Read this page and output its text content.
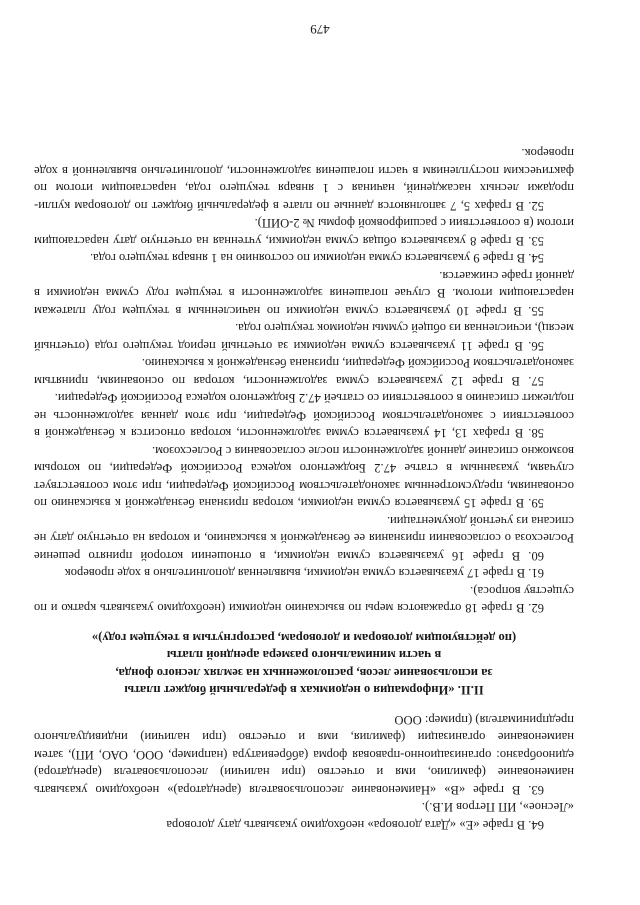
64. В графе «Е» «Дата договора» необходимо указывать дату договора

«Лесное», ИП Петров И.В.).

63. В графе «В» «Наименование лесопользователя (арендатора)» необходимо указывать наименование (фамилию, имя и отчество (при наличии) лесопользователя (арендатора) единообразно: организационно-правовая форма (аббревиатура (например, ООО, ОАО, ИП), затем наименование организации (фамилия, имя и отчество (при наличии) индивидуального предпринимателя) (пример: ООО

II.II. «Информация о недоимках в федеральный бюджет платы
за использование лесов, расположенных на землях лесного фонда,
в части минимального размера арендной платы
(по действующим договорам и договорам, расторгнутым в текущем году)»

62. В графе 18 отражаются меры по взысканию недоимки (необходимо указывать кратко и по существу вопроса).

61. В графе 17 указывается сумма недоимки, выявленная дополнительно в ходе проверок

60. В графе 16 указывается сумма недоимки, в отношении которой принято решение Рослесхоза о согласовании признания ее безнадежной к взысканию, и которая на отчетную дату не списана из учетной документации.

59. В графе 15 указывается сумма недоимки, которая признана безнадежной к взысканию по основаниям, предусмотренным законодательством Российской Федерации, при этом соответствует случаям, указанным в статье 47.2 Бюджетного кодекса Российской Федерации, по которым возможно списание данной задолженности после согласования с Рослесхозом.

58. В графах 13, 14 указывается сумма задолженности, которая относится к безнадежной в соответствии с законодательством Российской Федерации, при этом данная задолженность не подлежит списанию в соответствии со статьей 47.2 Бюджетного кодекса Российской Федерации.

57. В графе 12 указывается сумма задолженности, которая по основаниям, принятым законодательством Российской Федерации, признана безнадежной к взысканию.

56. В графе 11 указывается сумма недоимки за отчетный период текущего года (отчетный месяц), исчисленная из общей суммы недоимок текущего года.

55. В графе 10 указывается сумма недоимки по начисленным в текущем году платежам нарастающим итогом. В случае погашения задолженности в текущем году сумма недоимки в данной графе снижается.

54. В графе 9 указывается сумма недоимки по состоянию на 1 января текущего года.

53. В графе 8 указывается общая сумма недоимки, учтенная на отчетную дату нарастающим итогом (в соответствии с расшифровкой формы № 2-ОИП).

52. В графах 5, 7 заполняются данные по плате в федеральный бюджет по договорам купли-продажи лесных насаждений, начиная с 1 января текущего года, нарастающим итогом по фактическим поступлениям в части погашения задолженности, дополнительно выявленной в ходе проверок.

479
